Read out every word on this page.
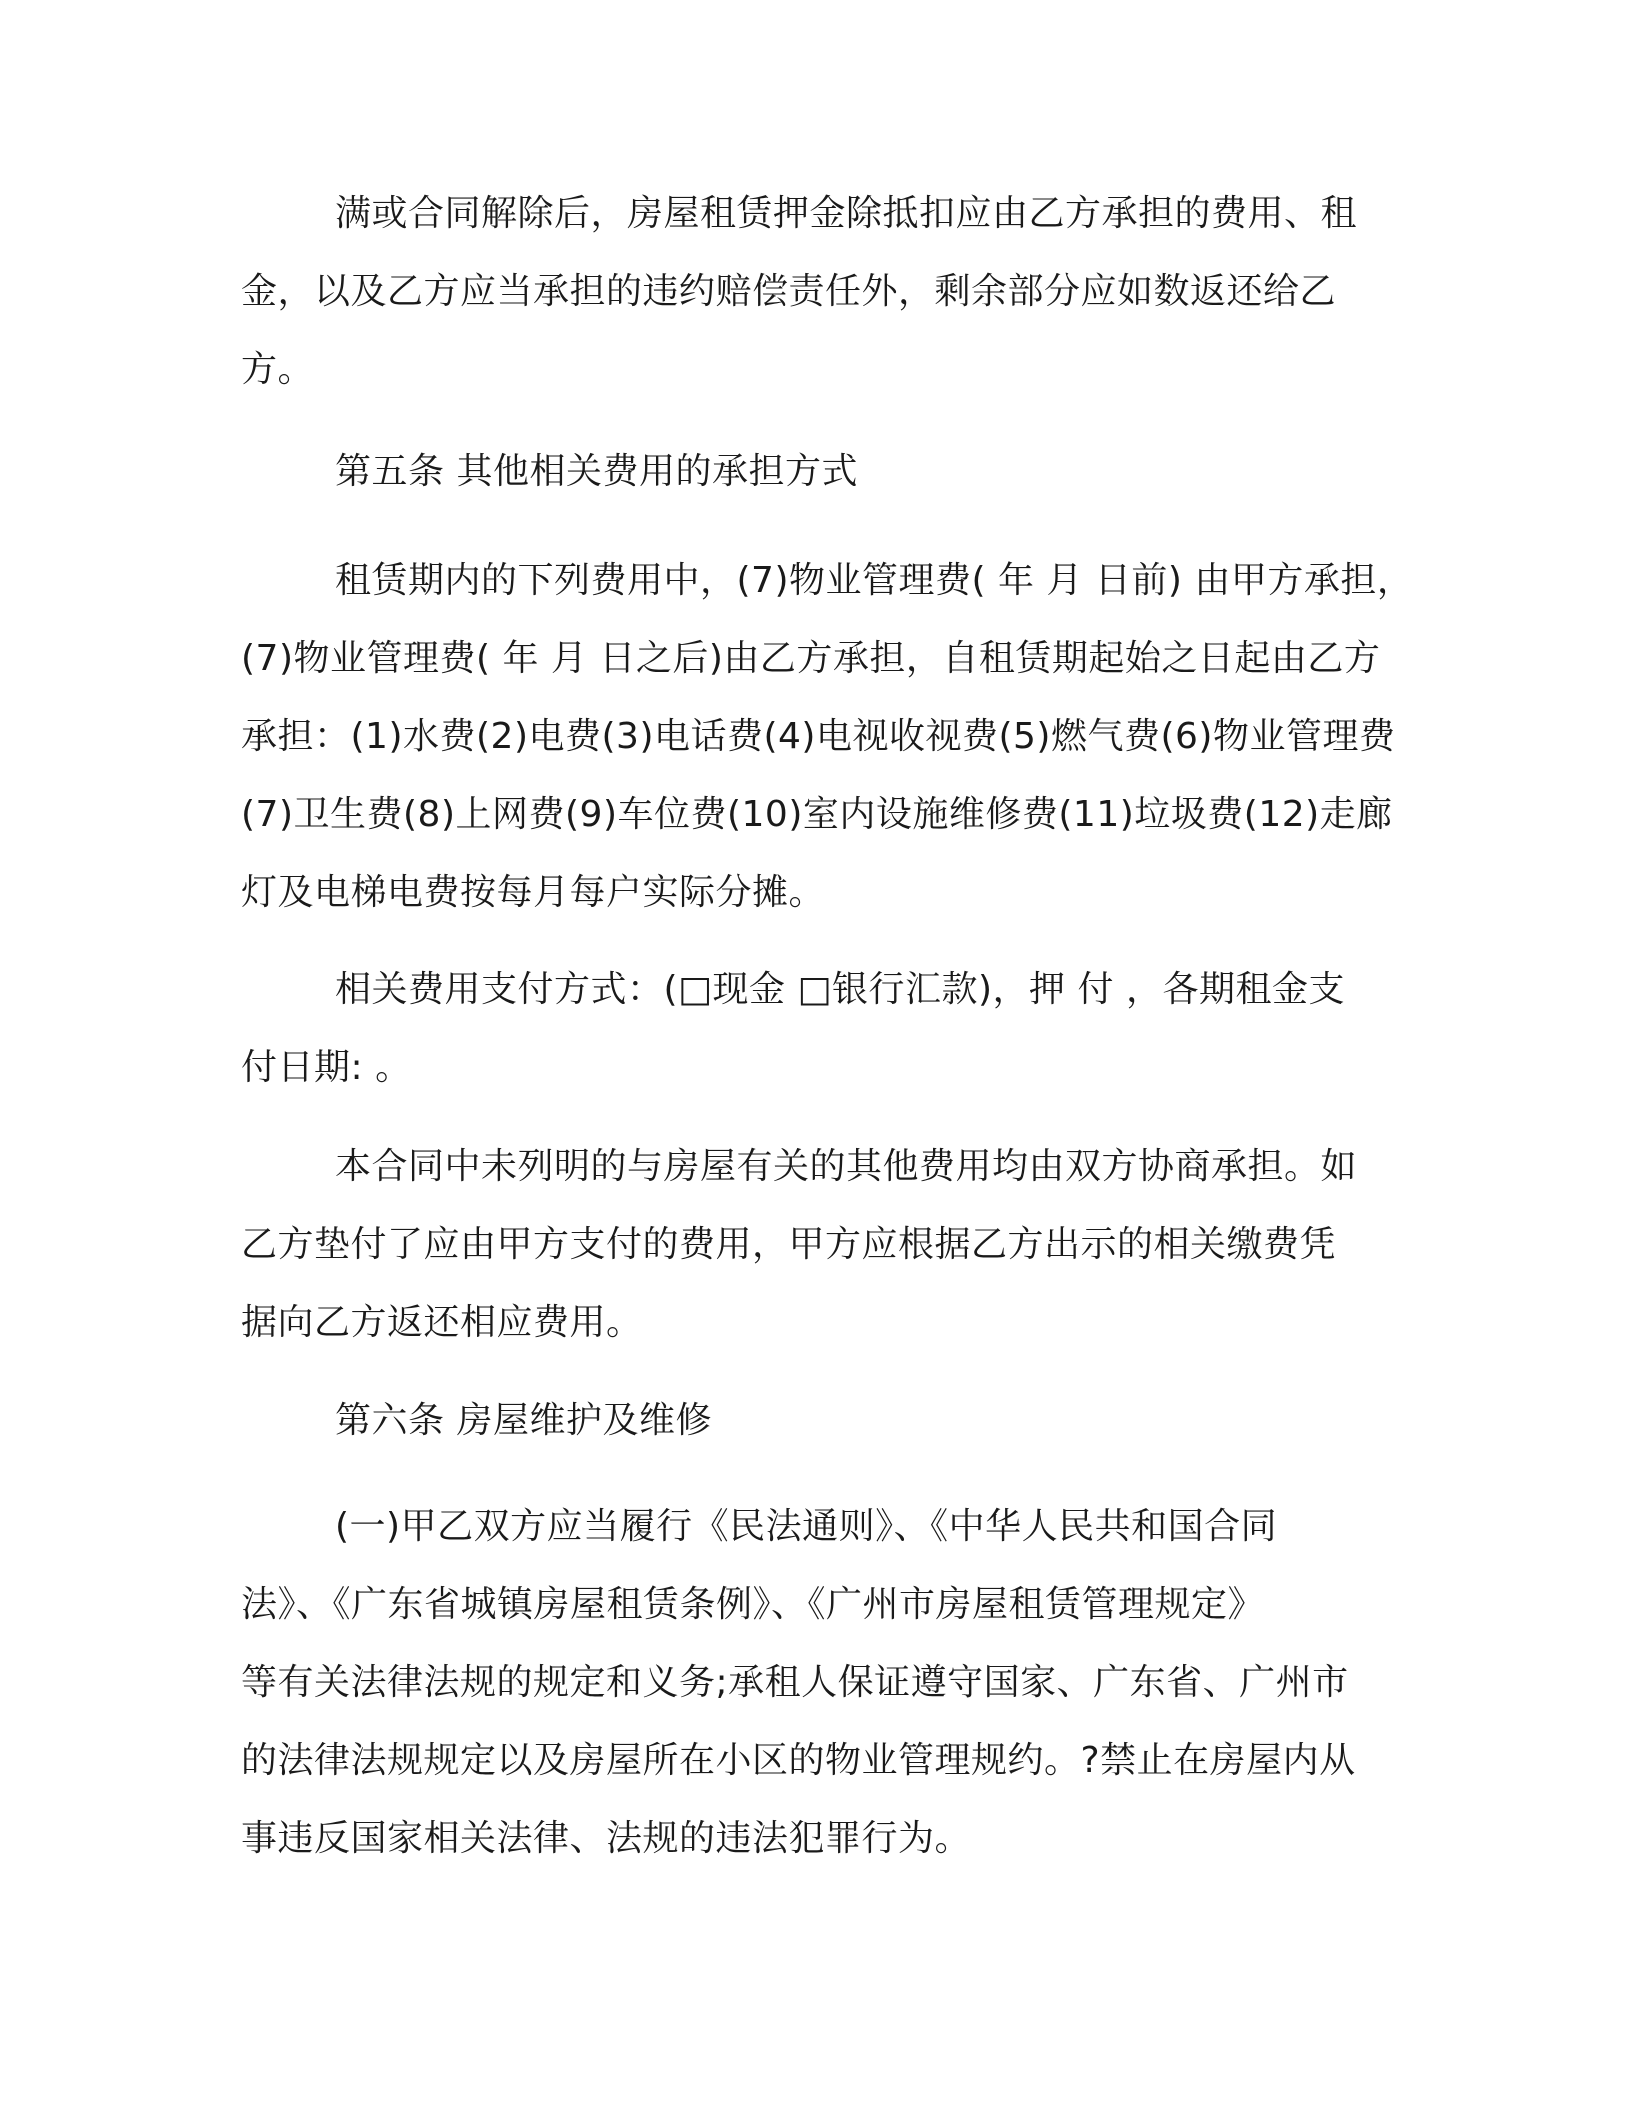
满或合同解除后，房屋租赁押金除抵扣应由乙方承担的费用、租
金，以及乙方应当承担的违约赔偿责任外，剩余部分应如数返还给乙
方。
第五条 其他相关费用的承担方式
租赁期内的下列费用中，(7)物业管理费( 年 月 日前) 由甲方承担，
(7)物业管理费( 年 月 日之后)由乙方承担，自租赁期起始之日起由乙方
承担：(1)水费(2)电费(3)电话费(4)电视收视费(5)燃气费(6)物业管理费
(7)卫生费(8)上网费(9)车位费(10)室内设施维修费(11)垃圾费(12)走廊
灯及电梯电费按每月每户实际分摊。
相关费用支付方式：(□现金 □银行汇款)，押 付 ，各期租金支
付日期: 。
本合同中未列明的与房屋有关的其他费用均由双方协商承担。如
乙方垫付了应由甲方支付的费用，甲方应根据乙方出示的相关缴费凭
据向乙方返还相应费用。
第六条 房屋维护及维修
(一)甲乙双方应当履行《民法通则》、《中华人民共和国合同
法》、《广东省城镇房屋租赁条例》、《广州市房屋租赁管理规定》
等有关法律法规的规定和义务;承租人保证遵守国家、广东省、广州市
的法律法规规定以及房屋所在小区的物业管理规约。?禁止在房屋内从
事违反国家相关法律、法规的违法犯罪行为。
